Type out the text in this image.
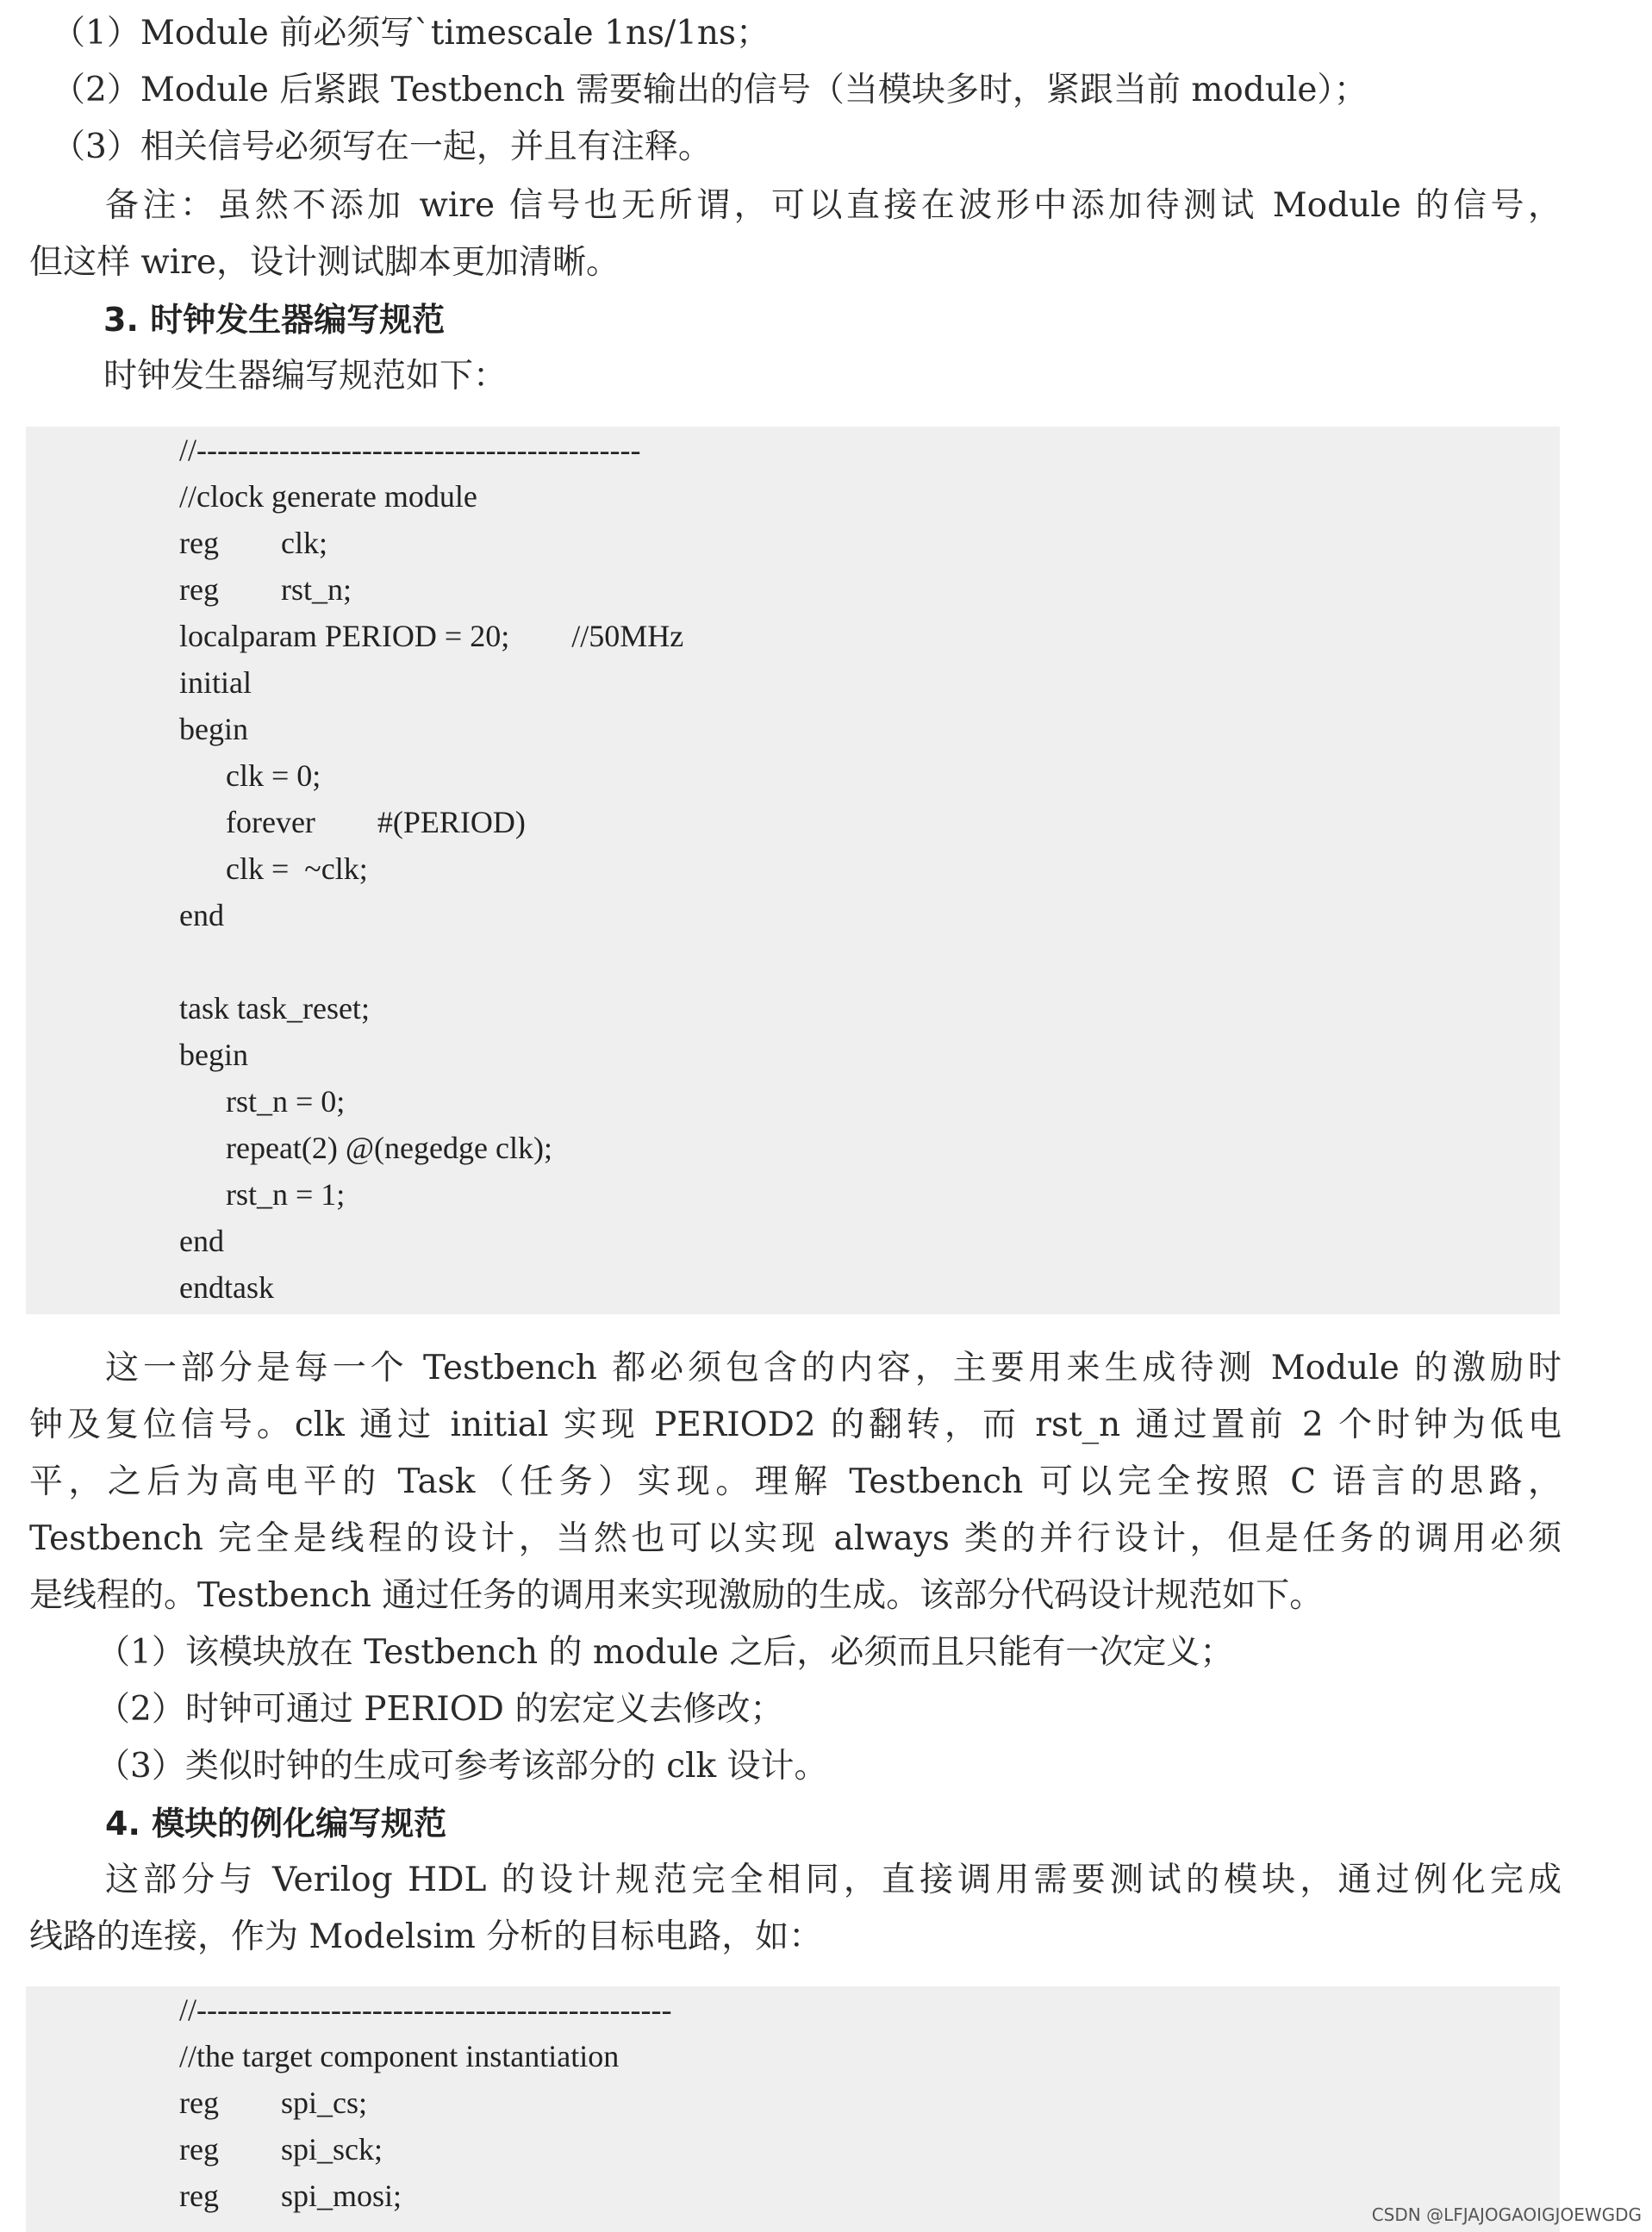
（1）Module 前必须写`timescale 1ns/1ns；
（2）Module 后紧跟 Testbench 需要输出的信号（当模块多时，紧跟当前 module）；
（3）相关信号必须写在一起，并且有注释。
备注：虽然不添加 wire 信号也无所谓，可以直接在波形中添加待测试 Module 的信号，
但这样 wire，设计测试脚本更加清晰。
3. 时钟发生器编写规范
时钟发生器编写规范如下：
//-------------------------------------------
//clock generate module
reg        clk;
reg        rst_n;
localparam PERIOD = 20;        //50MHz
initial
begin
clk = 0;
forever        #(PERIOD)
clk =  ~clk;
end
task task_reset;
begin
rst_n = 0;
repeat(2) @(negedge clk);
rst_n = 1;
end
endtask
这一部分是每一个 Testbench 都必须包含的内容，主要用来生成待测 Module 的激励时
钟及复位信号。clk 通过 initial 实现 PERIOD2 的翻转，而 rst_n 通过置前 2 个时钟为低电
平，之后为高电平的 Task（任务）实现。理解 Testbench 可以完全按照 C 语言的思路，
Testbench 完全是线程的设计，当然也可以实现 always 类的并行设计，但是任务的调用必须
是线程的。Testbench 通过任务的调用来实现激励的生成。该部分代码设计规范如下。
（1）该模块放在 Testbench 的 module 之后，必须而且只能有一次定义；
（2）时钟可通过 PERIOD 的宏定义去修改；
（3）类似时钟的生成可参考该部分的 clk 设计。
4. 模块的例化编写规范
这部分与 Verilog HDL 的设计规范完全相同，直接调用需要测试的模块，通过例化完成
线路的连接，作为 Modelsim 分析的目标电路，如：
//----------------------------------------------
//the target component instantiation
reg        spi_cs;
reg        spi_sck;
reg        spi_mosi;
CSDN @LFJAJOGAOIGJOEWGDG
